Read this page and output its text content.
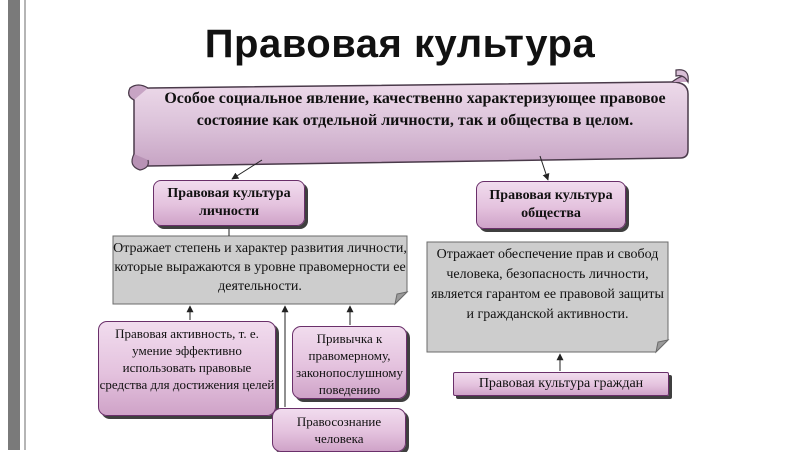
Правовая культура
Особое социальное явление, качественно характеризующее правовое состояние как отдельной личности, так и общества в целом.
Правовая культура личности
Правовая культура общества
Отражает степень и характер развития личности, которые выражаются в уровне правомерности ее деятельности.
Отражает обеспечение прав и свобод человека, безопасность личности, является гарантом ее правовой защиты и гражданской активности.
Правовая активность, т. е. умение эффективно использовать правовые средства для достижения целей
Привычка к правомерному, законопослушному поведению
Правосознание человека
Правовая культура граждан
